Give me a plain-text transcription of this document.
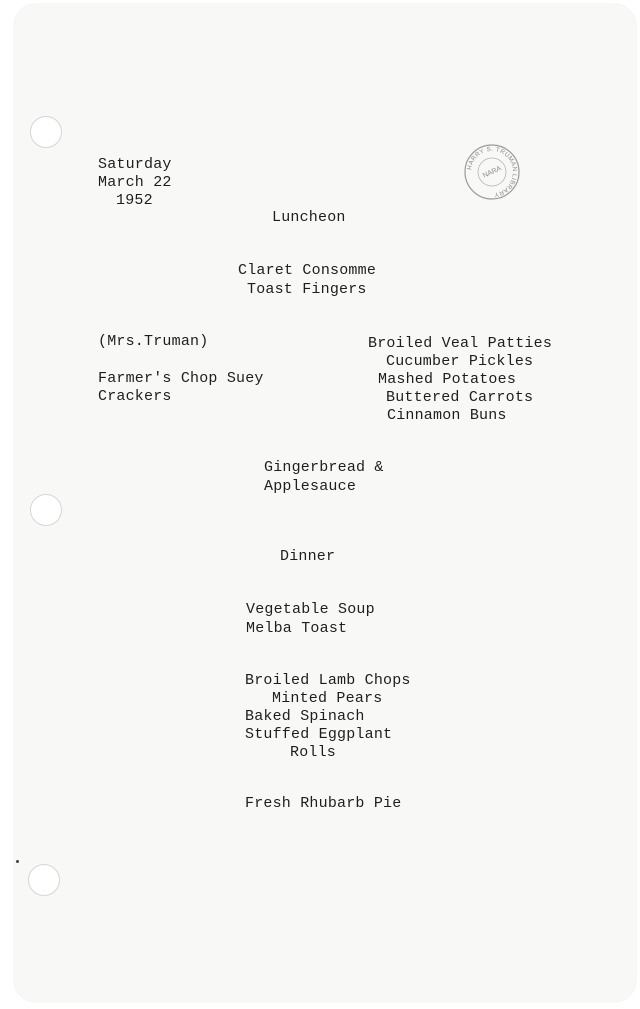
Saturday
March 22
1952
HARRY S. TRUMAN LIBRARY
NARA
Luncheon
Claret Consomme
Toast Fingers
(Mrs.Truman)
Farmer's Chop Suey
Crackers
Broiled Veal Patties
Cucumber Pickles
Mashed Potatoes
Buttered Carrots
Cinnamon Buns
Gingerbread &
Applesauce
Dinner
Vegetable Soup
Melba Toast
Broiled Lamb Chops
Minted Pears
Baked Spinach
Stuffed Eggplant
Rolls
Fresh Rhubarb Pie
